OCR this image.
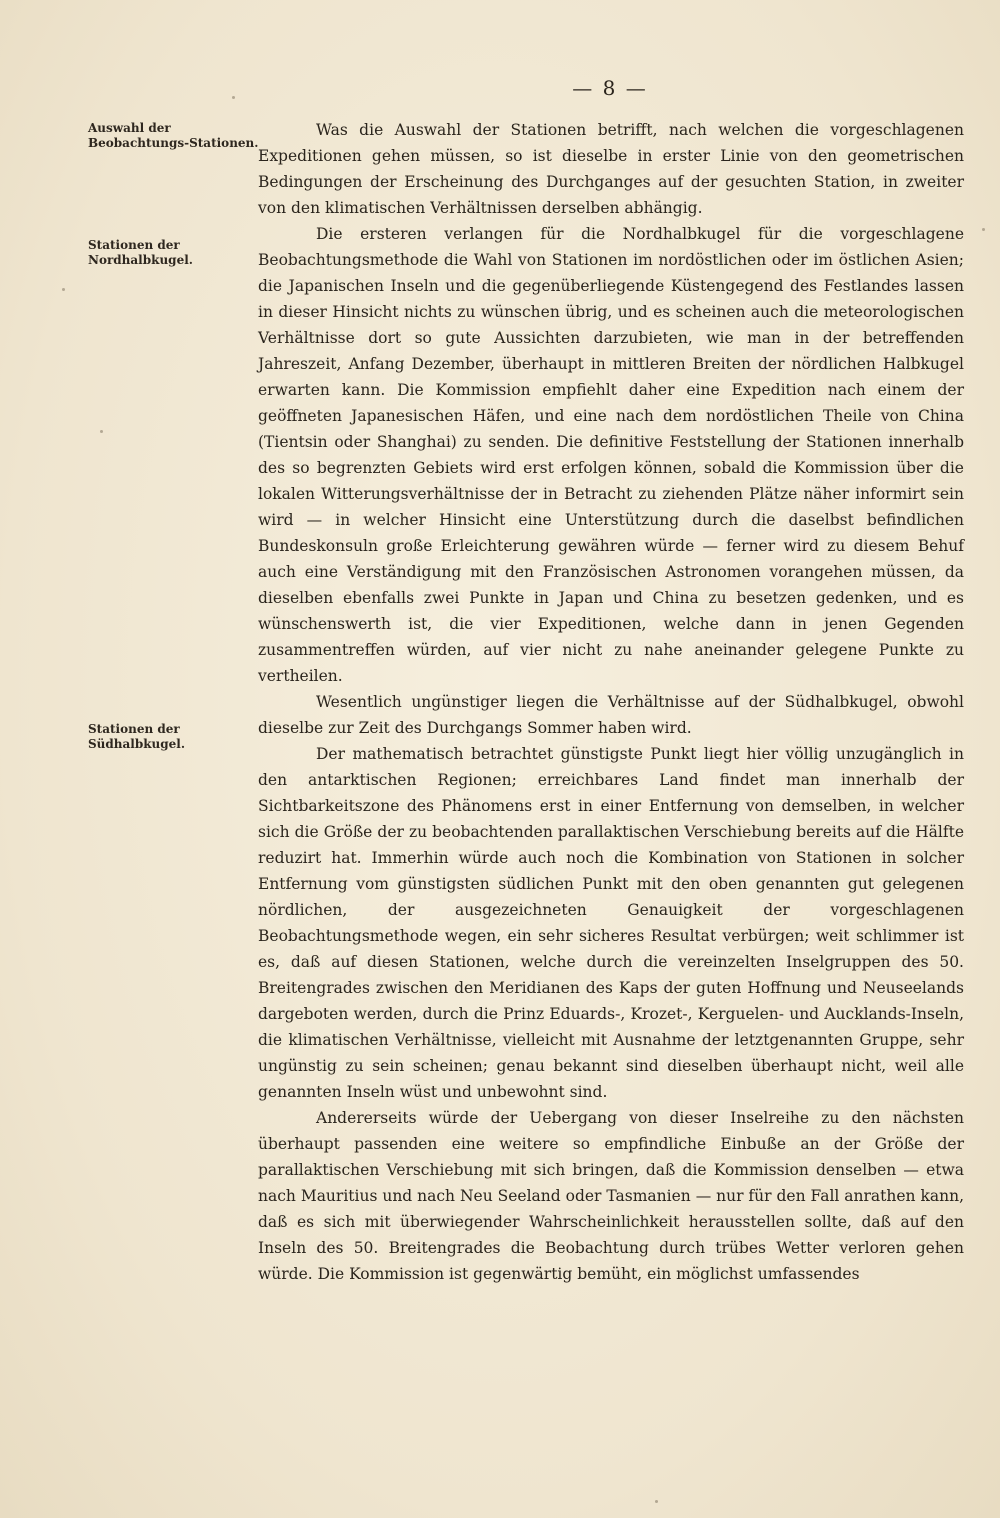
— 8 —
Auswahl der Beobachtungs-Stationen.
Stationen der Nordhalbkugel.
Stationen der Südhalbkugel.

Was die Auswahl der Stationen betrifft, nach welchen die vorgeschlagenen Expeditionen gehen müssen, so ist dieselbe in erster Linie von den geometrischen Bedingungen der Erscheinung des Durchganges auf der gesuchten Station, in zweiter von den klimatischen Verhältnissen derselben abhängig.

Die ersteren verlangen für die Nordhalbkugel für die vorgeschlagene Beobachtungsmethode die Wahl von Stationen im nordöstlichen oder im östlichen Asien; die Japanischen Inseln und die gegenüberliegende Küstengegend des Festlandes lassen in dieser Hinsicht nichts zu wünschen übrig, und es scheinen auch die meteorologischen Verhältnisse dort so gute Aussichten darzubieten, wie man in der betreffenden Jahreszeit, Anfang Dezember, überhaupt in mittleren Breiten der nördlichen Halbkugel erwarten kann. Die Kommission empfiehlt daher eine Expedition nach einem der geöffneten Japanesischen Häfen, und eine nach dem nordöstlichen Theile von China (Tientsin oder Shanghai) zu senden. Die definitive Feststellung der Stationen innerhalb des so begrenzten Gebiets wird erst erfolgen können, sobald die Kommission über die lokalen Witterungsverhältnisse der in Betracht zu ziehenden Plätze näher informirt sein wird — in welcher Hinsicht eine Unterstützung durch die daselbst befindlichen Bundeskonsuln große Erleichterung gewähren würde — ferner wird zu diesem Behuf auch eine Verständigung mit den Französischen Astronomen vorangehen müssen, da dieselben ebenfalls zwei Punkte in Japan und China zu besetzen gedenken, und es wünschenswerth ist, die vier Expeditionen, welche dann in jenen Gegenden zusammentreffen würden, auf vier nicht zu nahe aneinander gelegene Punkte zu vertheilen.

Wesentlich ungünstiger liegen die Verhältnisse auf der Südhalbkugel, obwohl dieselbe zur Zeit des Durchgangs Sommer haben wird.

Der mathematisch betrachtet günstigste Punkt liegt hier völlig unzugänglich in den antarktischen Regionen; erreichbares Land findet man innerhalb der Sichtbarkeitszone des Phänomens erst in einer Entfernung von demselben, in welcher sich die Größe der zu beobachtenden parallaktischen Verschiebung bereits auf die Hälfte reduzirt hat. Immerhin würde auch noch die Kombination von Stationen in solcher Entfernung vom günstigsten südlichen Punkt mit den oben genannten gut gelegenen nördlichen, der ausgezeichneten Genauigkeit der vorgeschlagenen Beobachtungsmethode wegen, ein sehr sicheres Resultat verbürgen; weit schlimmer ist es, daß auf diesen Stationen, welche durch die vereinzelten Inselgruppen des 50. Breitengrades zwischen den Meridianen des Kaps der guten Hoffnung und Neuseelands dargeboten werden, durch die Prinz Eduards-, Krozet-, Kerguelen- und Aucklands-Inseln, die klimatischen Verhältnisse, vielleicht mit Ausnahme der letztgenannten Gruppe, sehr ungünstig zu sein scheinen; genau bekannt sind dieselben überhaupt nicht, weil alle genannten Inseln wüst und unbewohnt sind.

Andererseits würde der Uebergang von dieser Inselreihe zu den nächsten überhaupt passenden eine weitere so empfindliche Einbuße an der Größe der parallaktischen Verschiebung mit sich bringen, daß die Kommission denselben — etwa nach Mauritius und nach Neu Seeland oder Tasmanien — nur für den Fall anrathen kann, daß es sich mit überwiegender Wahrscheinlichkeit herausstellen sollte, daß auf den Inseln des 50. Breitengrades die Beobachtung durch trübes Wetter verloren gehen würde. Die Kommission ist gegenwärtig bemüht, ein möglichst umfassendes
